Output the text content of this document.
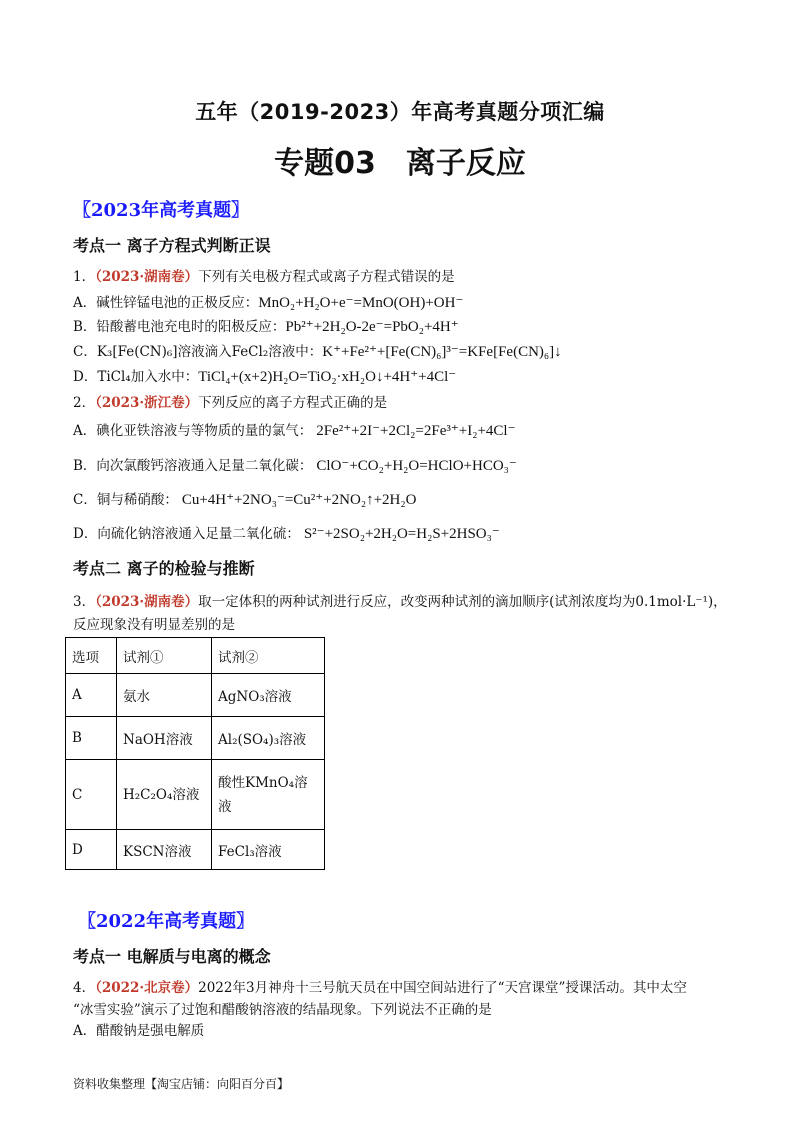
五年（2019-2023）年高考真题分项汇编
专题03　离子反应
〖2023年高考真题〗
考点一 离子方程式判断正误
1．（2023·湖南卷）下列有关电极方程式或离子方程式错误的是
A．碱性锌锰电池的正极反应：MnO₂+H₂O+e⁻=MnO(OH)+OH⁻
B．铅酸蓄电池充电时的阳极反应：Pb²⁺+2H₂O-2e⁻=PbO₂+4H⁺
C．K₃[Fe(CN)₆]溶液滴入FeCl₂溶液中：K⁺+Fe²⁺+[Fe(CN)₆]³⁻=KFe[Fe(CN)₆]↓
D．TiCl₄加入水中：TiCl₄+(x+2)H₂O=TiO₂·xH₂O↓+4H⁺+4Cl⁻
2．（2023·浙江卷）下列反应的离子方程式正确的是
A．碘化亚铁溶液与等物质的量的氯气： 2Fe²⁺+2I⁻+2Cl₂=2Fe³⁺+I₂+4Cl⁻
B．向次氯酸钙溶液通入足量二氧化碳： ClO⁻+CO₂+H₂O=HClO+HCO₃⁻
C．铜与稀硝酸： Cu+4H⁺+2NO₃⁻=Cu²⁺+2NO₂↑+2H₂O
D．向硫化钠溶液通入足量二氧化硫： S²⁻+2SO₂+2H₂O=H₂S+2HSO₃⁻
考点二 离子的检验与推断
3．（2023·湖南卷）取一定体积的两种试剂进行反应，改变两种试剂的滴加顺序(试剂浓度均为0.1mol·L⁻¹)，
反应现象没有明显差别的是
选项	试剂①	试剂②
A	氨水	AgNO₃溶液
B	NaOH溶液	Al₂(SO₄)₃溶液
C	H₂C₂O₄溶液	酸性KMnO₄溶液
D	KSCN溶液	FeCl₃溶液
〖2022年高考真题〗
考点一 电解质与电离的概念
4．（2022·北京卷）2022年3月神舟十三号航天员在中国空间站进行了“天宫课堂”授课活动。其中太空
“冰雪实验”演示了过饱和醋酸钠溶液的结晶现象。下列说法不正确的是
A．醋酸钠是强电解质
资料收集整理【淘宝店铺：向阳百分百】
